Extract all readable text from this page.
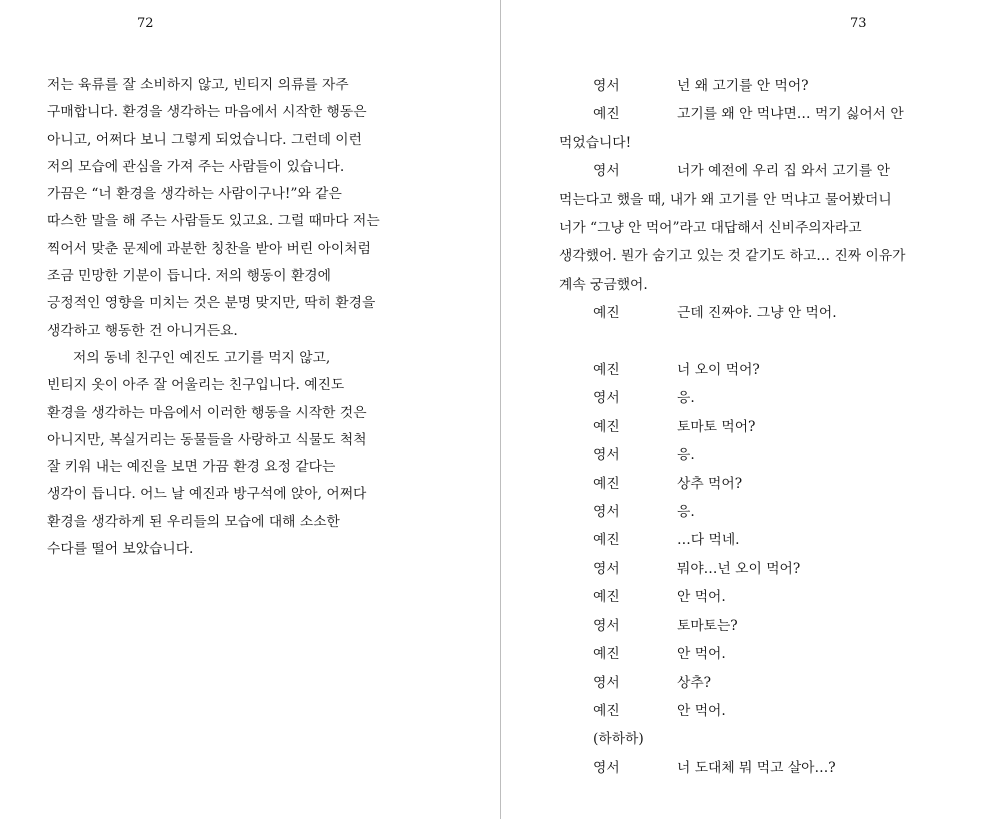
72

저는 육류를 잘 소비하지 않고, 빈티지 의류를 자주
구매합니다. 환경을 생각하는 마음에서 시작한 행동은
아니고, 어쩌다 보니 그렇게 되었습니다. 그런데 이런
저의 모습에 관심을 가져 주는 사람들이 있습니다.
가끔은 “너 환경을 생각하는 사람이구나!”와 같은
따스한 말을 해 주는 사람들도 있고요. 그럴 때마다 저는
찍어서 맞춘 문제에 과분한 칭찬을 받아 버린 아이처럼
조금 민망한 기분이 듭니다. 저의 행동이 환경에
긍정적인 영향을 미치는 것은 분명 맞지만, 딱히 환경을
생각하고 행동한 건 아니거든요.

저의 동네 친구인 예진도 고기를 먹지 않고,
빈티지 옷이 아주 잘 어울리는 친구입니다. 예진도
환경을 생각하는 마음에서 이러한 행동을 시작한 것은
아니지만, 복실거리는 동물들을 사랑하고 식물도 척척
잘 키워 내는 예진을 보면 가끔 환경 요정 같다는
생각이 듭니다. 어느 날 예진과 방구석에 앉아, 어쩌다
환경을 생각하게 된 우리들의 모습에 대해 소소한
수다를 떨어 보았습니다.

73
영서	넌 왜 고기를 안 먹어?
예진	고기를 왜 안 먹냐면… 먹기 싫어서 안
먹었습니다!
영서	너가 예전에 우리 집 와서 고기를 안
먹는다고 했을 때, 내가 왜 고기를 안 먹냐고 물어봤더니
너가 “그냥 안 먹어”라고 대답해서 신비주의자라고
생각했어. 뭔가 숨기고 있는 것 같기도 하고… 진짜 이유가
계속 궁금했어.
예진	근데 진짜야. 그냥 안 먹어.
예진	너 오이 먹어?
영서	응.
예진	토마토 먹어?
영서	응.
예진	상추 먹어?
영서	응.
예진	…다 먹네.
영서	뭐야…넌 오이 먹어?
예진	안 먹어.
영서	토마토는?
예진	안 먹어.
영서	상추?
예진	안 먹어.
(하하하)
영서	너 도대체 뭐 먹고 살아…?
